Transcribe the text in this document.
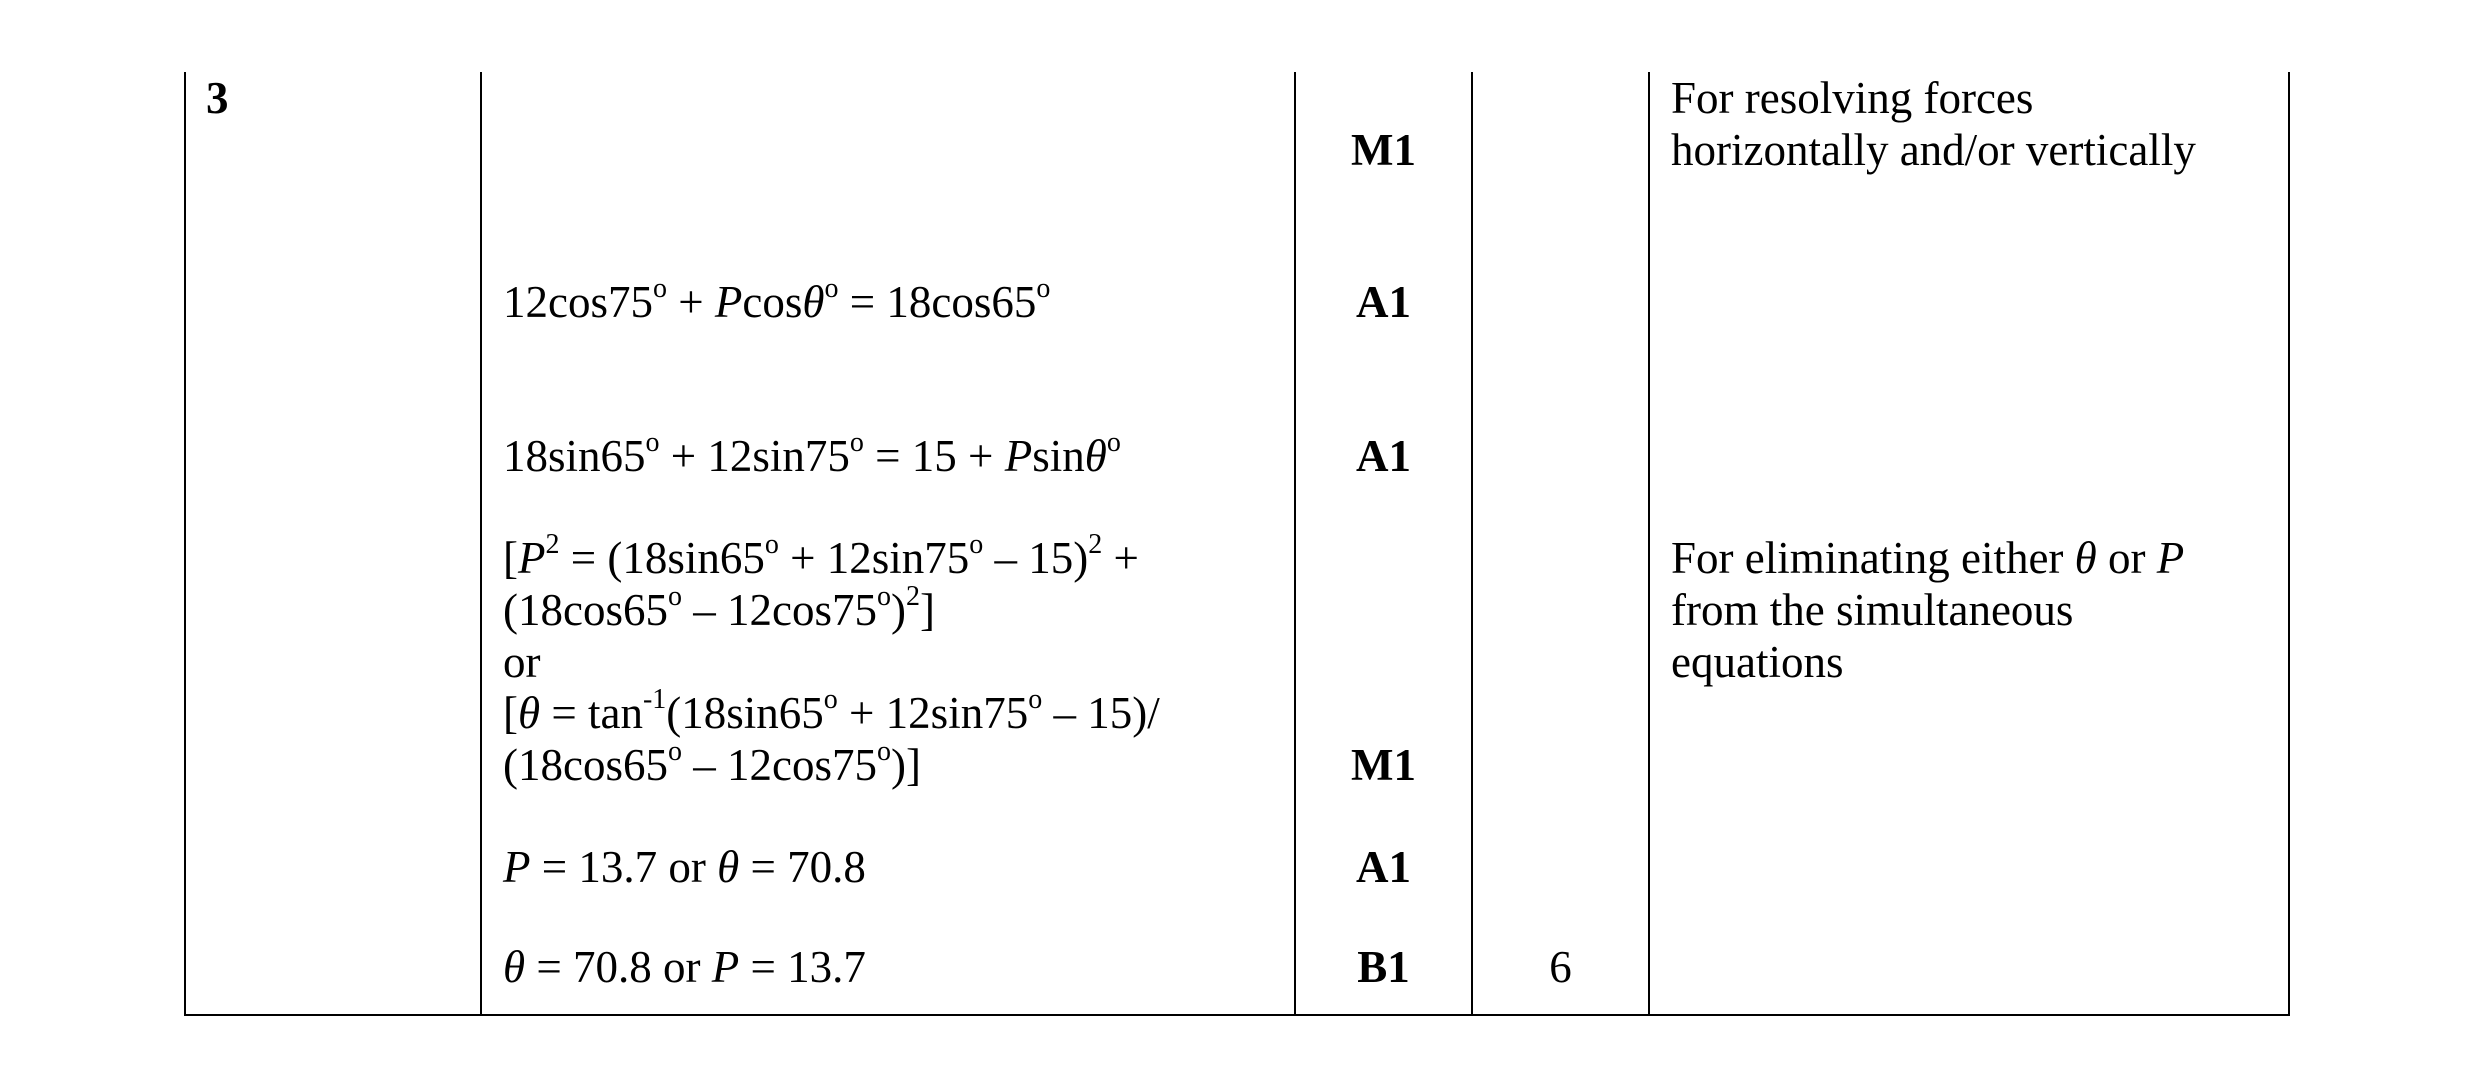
3
M1
A1
A1
M1
A1
B1	6
$12\cos 75^o + Pcos\theta^o = 18\cos 65^o$
$18\sin 65^o + 12\sin 75^o = 15 + Psin\theta^o$
[$P^2 = (18\sin 65^o + 12\sin 75^o - 15)^2$ +
$(18\cos 65^o - 12\cos 75^o)^2$]
or
[$\theta = \tan^{-1}(18\sin 65^o + 12\sin 75^o - 15)/$
(18cos65$^o$ – 12cos75$^o$)]
P = 13.7 or θ = 70.8
θ = 70.8 or P = 13.7
For resolving forces
horizontally and/or vertically
For eliminating either θ or P
from the simultaneous
equations
